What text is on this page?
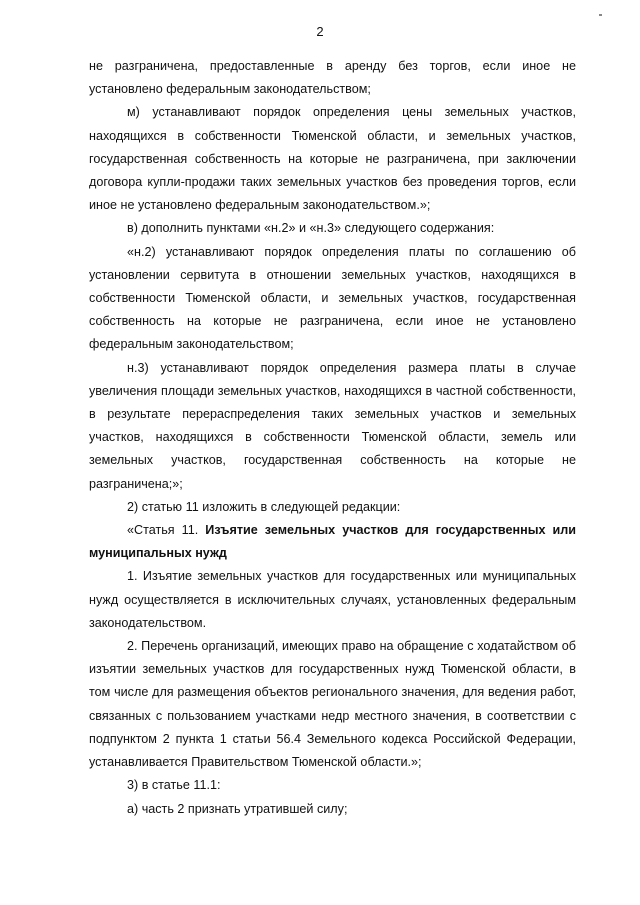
2

не разграничена, предоставленные в аренду без торгов, если иное не установлено федеральным законодательством;

м) устанавливают порядок определения цены земельных участков, находящихся в собственности Тюменской области, и земельных участков, государственная собственность на которые не разграничена, при заключении договора купли-продажи таких земельных участков без проведения торгов, если иное не установлено федеральным законодательством.»;

в) дополнить пунктами «н.2» и «н.3» следующего содержания:

«н.2) устанавливают порядок определения платы по соглашению об установлении сервитута в отношении земельных участков, находящихся в собственности Тюменской области, и земельных участков, государственная собственность на которые не разграничена, если иное не установлено федеральным законодательством;

н.3) устанавливают порядок определения размера платы в случае увеличения площади земельных участков, находящихся в частной собственности, в результате перераспределения таких земельных участков и земельных участков, находящихся в собственности Тюменской области, земель или земельных участков, государственная собственность на которые не разграничена;»;

2) статью 11 изложить в следующей редакции:

«Статья 11. Изъятие земельных участков для государственных или муниципальных нужд

1. Изъятие земельных участков для государственных или муниципальных нужд осуществляется в исключительных случаях, установленных федеральным законодательством.

2. Перечень организаций, имеющих право на обращение с ходатайством об изъятии земельных участков для государственных нужд Тюменской области, в том числе для размещения объектов регионального значения, для ведения работ, связанных с пользованием участками недр местного значения, в соответствии с подпунктом 2 пункта 1 статьи 56.4 Земельного кодекса Российской Федерации, устанавливается Правительством Тюменской области.»;

3) в статье 11.1:

а) часть 2 признать утратившей силу;
